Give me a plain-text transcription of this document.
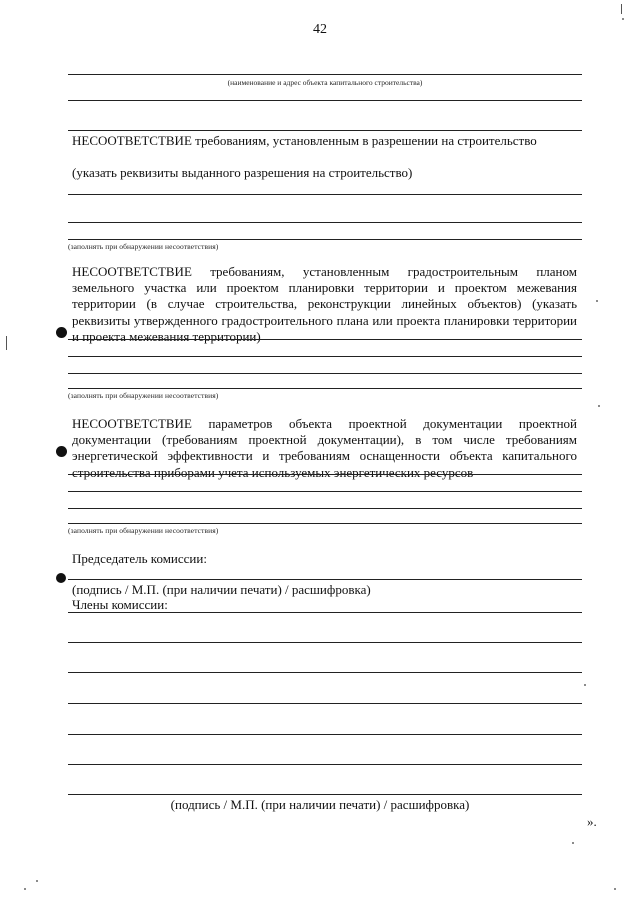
42
(наименование и адрес объекта капитального строительства)
НЕСООТВЕТСТВИЕ требованиям, установленным в разрешении на строительство
(указать реквизиты выданного разрешения на строительство)
(заполнять при обнаружении несоответствия)
НЕСООТВЕТСТВИЕ требованиям, установленным градостроительным планом земельного участка или проектом планировки территории и проектом межевания территории (в случае строительства, реконструкции линейных объектов) (указать реквизиты утвержденного градостроительного плана или проекта планировки территории и проекта межевания территории)
(заполнять при обнаружении несоответствия)
НЕСООТВЕТСТВИЕ параметров объекта проектной документации проектной документации (требованиям проектной документации), в том числе требованиям энергетической эффективности и требованиям оснащенности объекта капитального строительства приборами учета используемых энергетических ресурсов
(заполнять при обнаружении несоответствия)
Председатель комиссии:
(подпись / М.П. (при наличии печати) / расшифровка)
Члены комиссии:
(подпись / М.П. (при наличии печати) / расшифровка)
».
